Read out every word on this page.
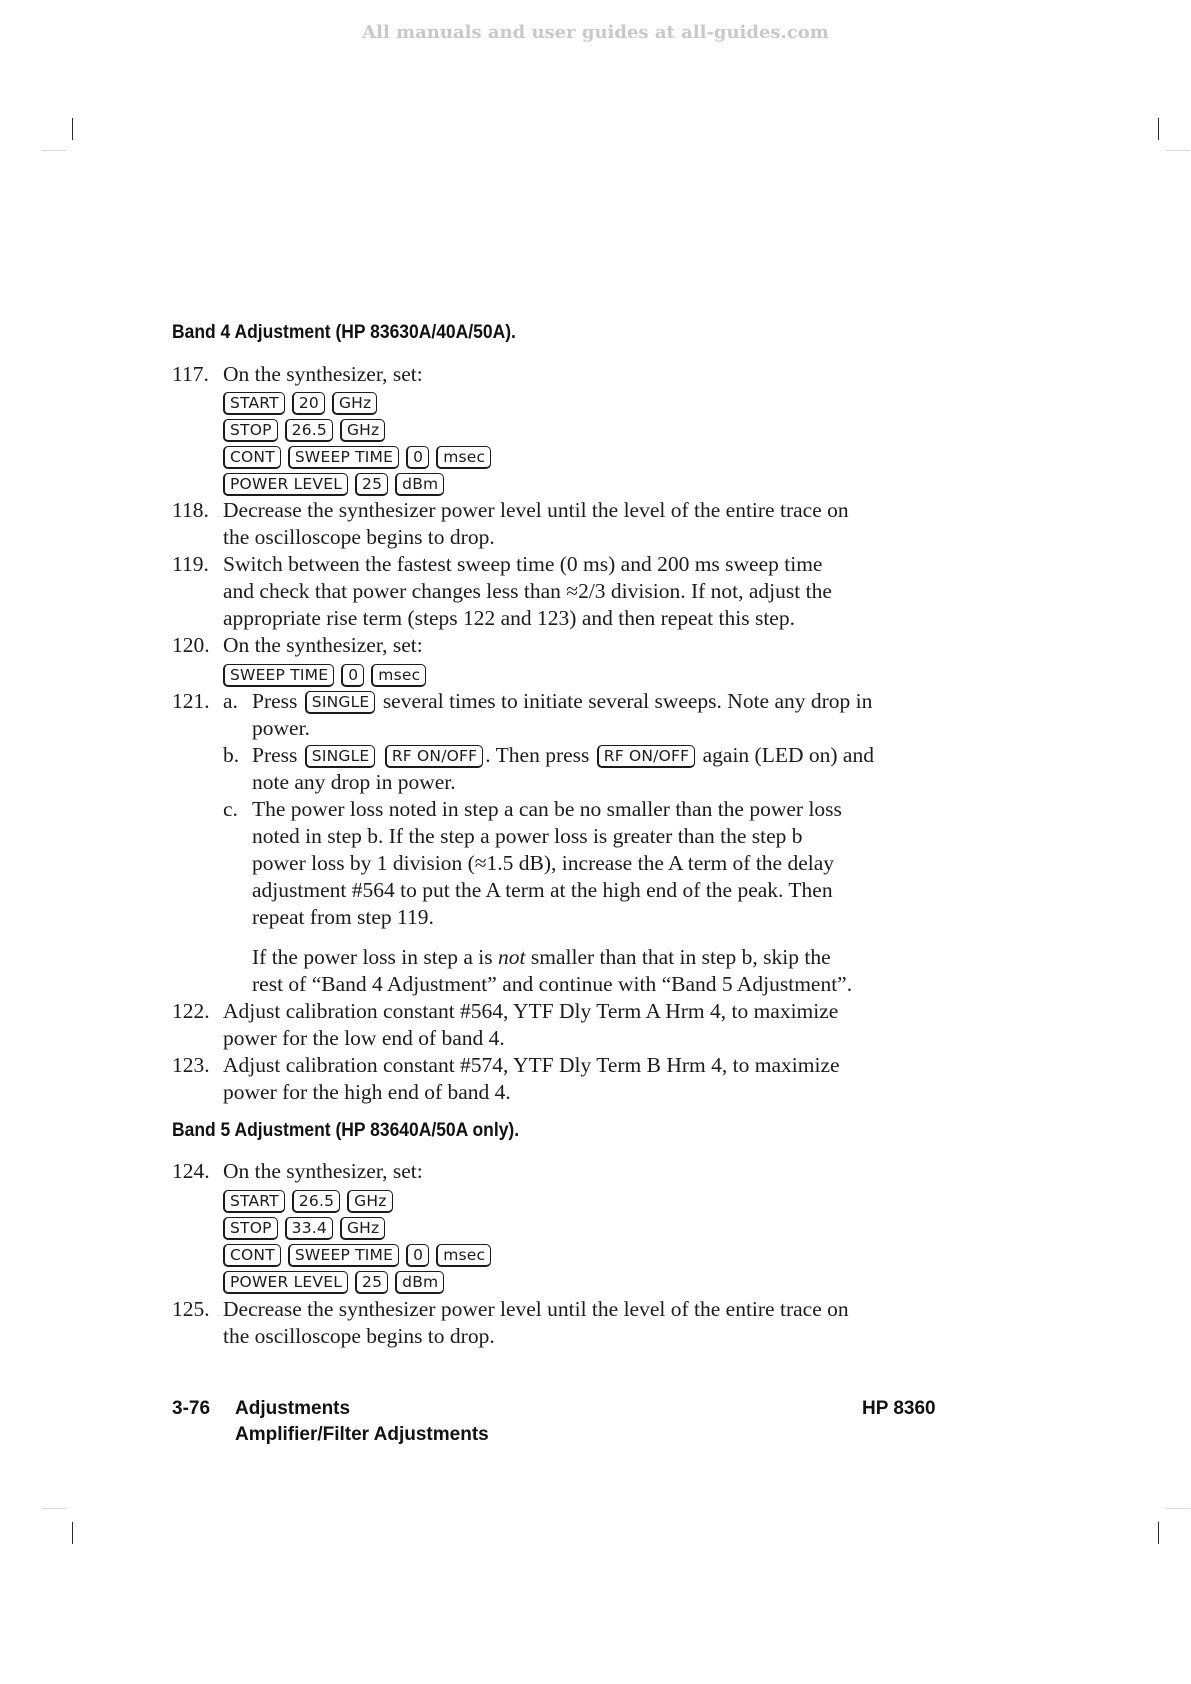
All manuals and user guides at all-guides.com
Band 4 Adjustment (HP 83630A/40A/50A).
117. On the synthesizer, set:
START	20	GHz
STOP	26.5	GHz
CONT	SWEEP TIME	0	msec
POWER LEVEL	25	dBm
118. Decrease the synthesizer power level until the level of the entire trace on
the oscilloscope begins to drop.
119. Switch between the fastest sweep time (0 ms) and 200 ms sweep time
and check that power changes less than ≈2/3 division. If not, adjust the
appropriate rise term (steps 122 and 123) and then repeat this step.
120. On the synthesizer, set:
SWEEP TIME	0	msec
121. a. Press SINGLE several times to initiate several sweeps. Note any drop in
power.
b. Press SINGLE RF ON/OFF . Then press RF ON/OFF again (LED on) and
note any drop in power.
c. The power loss noted in step a can be no smaller than the power loss
noted in step b. If the step a power loss is greater than the step b
power loss by 1 division (≈1.5 dB), increase the A term of the delay
adjustment #564 to put the A term at the high end of the peak. Then
repeat from step 119.
If the power loss in step a is not smaller than that in step b, skip the
rest of “Band 4 Adjustment” and continue with “Band 5 Adjustment”.
122. Adjust calibration constant #564, YTF Dly Term A Hrm 4, to maximize
power for the low end of band 4.
123. Adjust calibration constant #574, YTF Dly Term B Hrm 4, to maximize
power for the high end of band 4.
Band 5 Adjustment (HP 83640A/50A only).
124. On the synthesizer, set:
START	26.5	GHz
STOP	33.4	GHz
CONT	SWEEP TIME	0	msec
POWER LEVEL	25	dBm
125. Decrease the synthesizer power level until the level of the entire trace on
the oscilloscope begins to drop.
3-76 Adjustments
Amplifier/Filter Adjustments
HP 8360
